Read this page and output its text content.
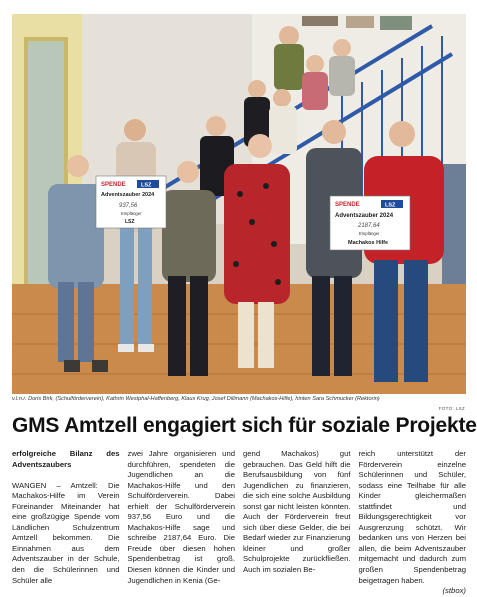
SPENDE	LSZ
Adventszauber 2024
937,56
Empfänger
LSZ
SPENDE	LSZ
Adventszauber 2024
2187,64
Empfänger
Machakos Hilfe
v.l.n.r. Doris Birk, (Schulförderverein), Kathrin Westphal-Haffenberg, Klaus Krug, Josef Dillmann (Machakos-Hilfe), hinten Sara Schmucker (Rektorin)
FOTO: LSZ
GMS Amtzell engagiert sich für soziale Projekte

erfolgreiche Bilanz des Adventszaubers

WANGEN – Amtzell: Die Machakos-Hilfe im Verein Füreinander Miteinander hat eine großzügige Spende vom Ländlichen Schulzentrum Amtzell bekommen. Die Einnahmen aus dem Adventszauber in der Schule, den die Schülerinnen und Schüler alle

zwei Jahre organisieren und durchführen, spendeten die Jugendlichen an die Machakos-Hilfe und den Schulförderverein. Dabei erhielt der Schulförderverein 937,56 Euro und die Machakos-Hilfe sage und schreibe 2187,64 Euro. Die Freude über diesen hohen Spendenbetrag ist groß. Diesen können die Kinder und Jugendlichen in Kenia (Ge-

gend Machakos) gut gebrauchen. Das Geld hilft die Berufsausbildung von fünf Jugendlichen zu finanzieren, die sich eine solche Ausbildung sonst gar nicht leisten könnten. Auch der Förderverein freut sich über diese Gelder, die bei Bedarf wieder zur Finanzierung kleiner und großer Schulprojekte zurückfließen. Auch im sozialen Be-

reich unterstützt der Förderverein einzelne Schülerinnen und Schüler, sodass eine Teilhabe für alle Kinder gleichermaßen stattfindet und Bildungsgerechtigkeit vor Ausgrenzung schützt. Wir bedanken uns von Herzen bei allen, die beim Adventszauber mitgemacht und dadurch zum großen Spendenbetrag beigetragen haben.

(stbox)
